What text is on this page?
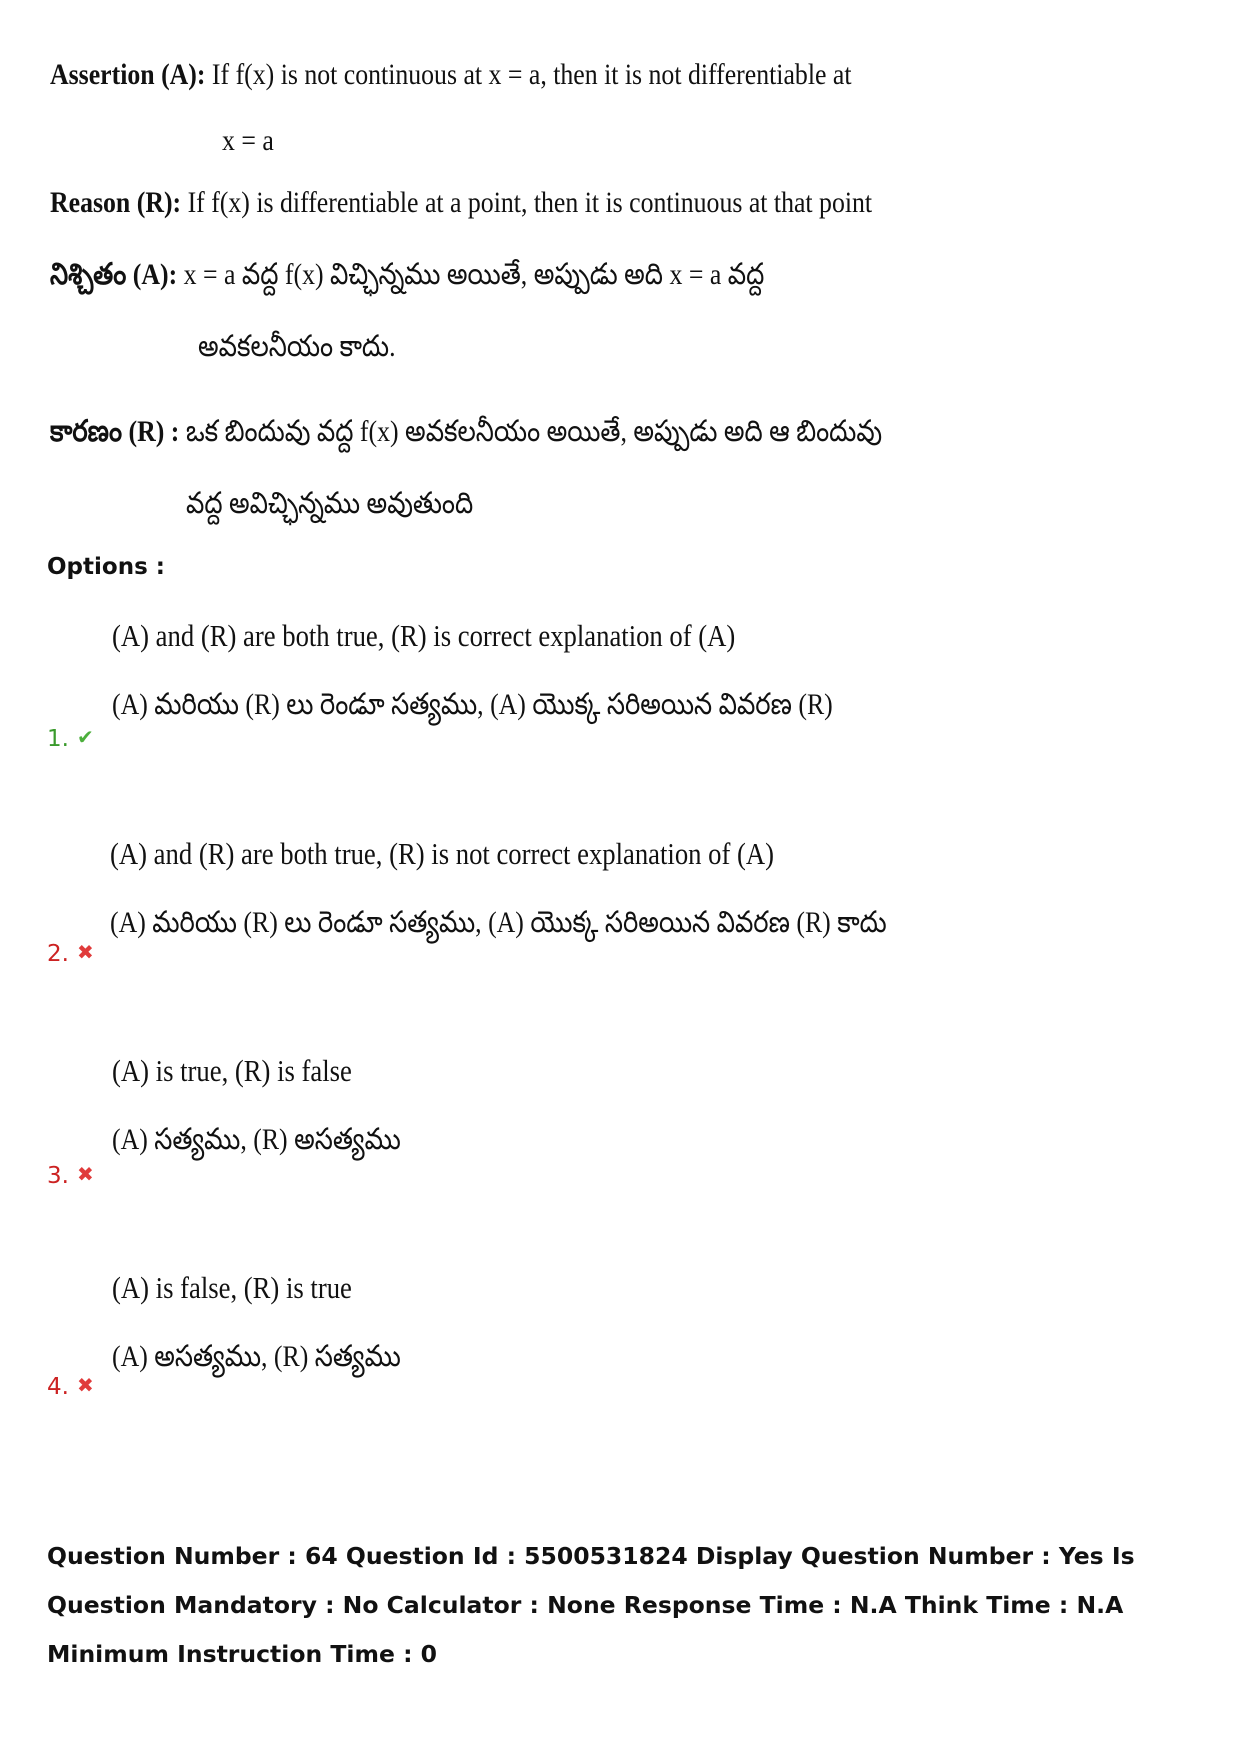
Assertion (A): If f(x) is not continuous at x = a, then it is not differentiable at
x = a
Reason (R): If f(x) is differentiable at a point, then it is continuous at that point
నిశ్చితం (A): x = a వద్ద f(x) విచ్ఛిన్నము అయితే, అప్పుడు అది x = a వద్ద
అవకలనీయం కాదు.
కారణం (R) : ఒక బిందువు వద్ద f(x) అవకలనీయం అయితే, అప్పుడు అది ఆ బిందువు
వద్ద అవిచ్ఛిన్నము అవుతుంది
Options :
(A) and (R) are both true, (R) is correct explanation of (A)
(A) మరియు (R) లు రెండూ సత్యము, (A) యొక్క సరిఅయిన వివరణ (R)
1. ✔
(A) and (R) are both true, (R) is not correct explanation of (A)
(A) మరియు (R) లు రెండూ సత్యము, (A) యొక్క సరిఅయిన వివరణ (R) కాదు
2. ✖
(A) is true, (R) is false
(A) సత్యము, (R) అసత్యము
3. ✖
(A) is false, (R) is true
(A) అసత్యము, (R) సత్యము
4. ✖
Question Number : 64 Question Id : 5500531824 Display Question Number : Yes Is Question Mandatory : No Calculator : None Response Time : N.A Think Time : N.A Minimum Instruction Time : 0
